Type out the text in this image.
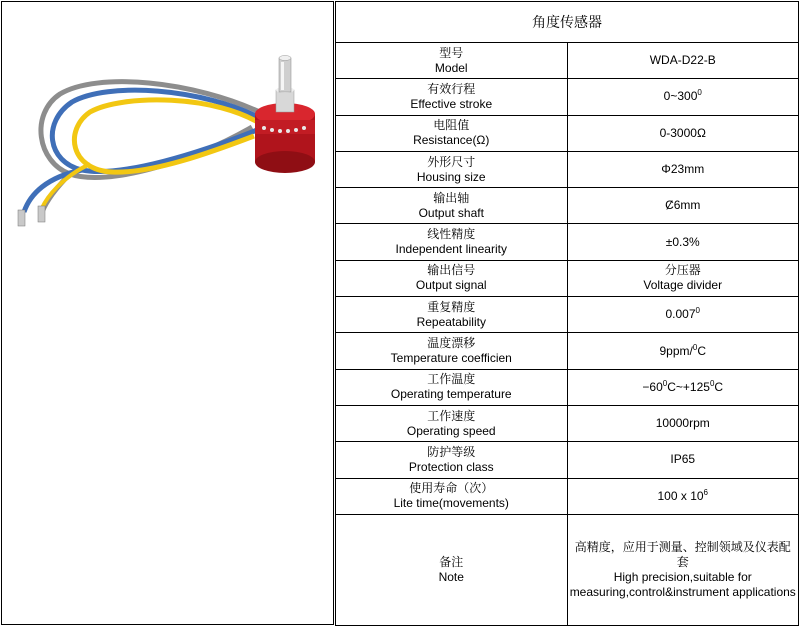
角度传感器	

型号
Model	WDA-D22-B

有效行程
Effective stroke	$0\sim 300^0$

电阻值
Resistance(Ω)	0-3000Ω

外形尺寸
Housing size	Φ23mm

输出轴
Output shaft	Ȼ6mm

线性精度
Independent linearity	±0.3%

输出信号
Output signal	分压器
Voltage divider

重复精度
Repeatability	0.007$^0$

温度漂移
Temperature coefficien	9ppm/$^0$C

工作温度
Operating temperature	$-60^0C\sim+125^0C$

工作速度
Operating speed	10000rpm

防护等级
Protection class	IP65

使用寿命（次）
Lite time(movements)	100 x $10^6$

备注
Note	高精度，应用于测量、控制领域及仪表配套
High precision,suitable for
measuring,control&instrument applications
